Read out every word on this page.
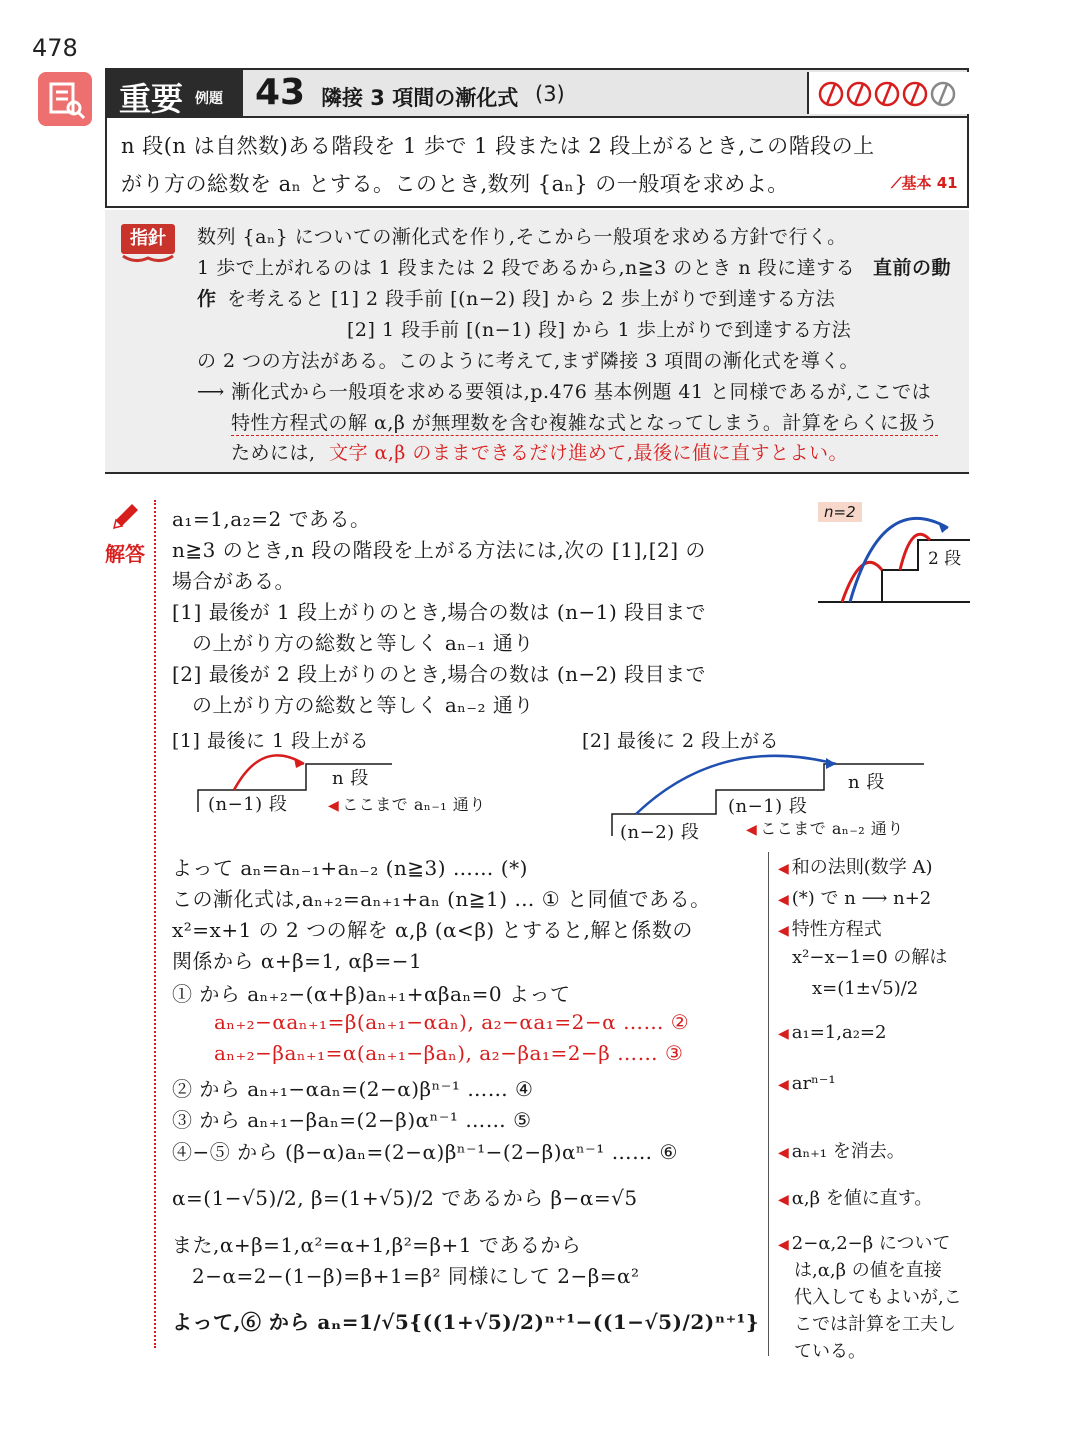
478
重要 例題 43 隣接 3 項間の漸化式 (3)
n 段(n は自然数)ある階段を 1 歩で 1 段または 2 段上がるとき,この階段の上
がり方の総数を aₙ とする。このとき,数列 {aₙ} の一般項を求めよ。	⟋基本 41
指針	数列 {aₙ} についての漸化式を作り,そこから一般項を求める方針で行く。
1 歩で上がれるのは 1 段または 2 段であるから,n≧3 のとき n 段に達する 直前の動
作 を考えると [1] 2 段手前 [(n−2) 段] から 2 歩上がりで到達する方法
[2] 1 段手前 [(n−1) 段] から 1 歩上がりで到達する方法
の 2 つの方法がある。このように考えて,まず隣接 3 項間の漸化式を導く。
⟶ 漸化式から一般項を求める要領は,p.476 基本例題 41 と同様であるが,ここでは
特性方程式の解 α,β が無理数を含む複雑な式となってしまう。計算をらくに扱う
ためには, 文字 α,β のままできるだけ進めて,最後に値に直すとよい。
解答
a₁=1,a₂=2 である。
n≧3 のとき,n 段の階段を上がる方法には,次の [1],[2] の
場合がある。
[1] 最後が 1 段上がりのとき,場合の数は (n−1) 段目まで
の上がり方の総数と等しく aₙ₋₁ 通り
[2] 最後が 2 段上がりのとき,場合の数は (n−2) 段目まで
の上がり方の総数と等しく aₙ₋₂ 通り
n=2
2 段
[1] 最後に 1 段上がる
n 段
(n−1) 段	◀ ここまで aₙ₋₁ 通り
[2] 最後に 2 段上がる
n 段
(n−1) 段
(n−2) 段	◀ ここまで aₙ₋₂ 通り
よって aₙ=aₙ₋₁+aₙ₋₂ (n≧3) …… (*)
この漸化式は,aₙ₊₂=aₙ₊₁+aₙ (n≧1) … ① と同値である。
x²=x+1 の 2 つの解を α,β (α<β) とすると,解と係数の
関係から α+β=1, αβ=−1
① から aₙ₊₂−(α+β)aₙ₊₁+αβaₙ=0 よって
aₙ₊₂−αaₙ₊₁=β(aₙ₊₁−αaₙ), a₂−αa₁=2−α …… ②
aₙ₊₂−βaₙ₊₁=α(aₙ₊₁−βaₙ), a₂−βa₁=2−β …… ③
② から aₙ₊₁−αaₙ=(2−α)βⁿ⁻¹ …… ④
③ から aₙ₊₁−βaₙ=(2−β)αⁿ⁻¹ …… ⑤
④−⑤ から (β−α)aₙ=(2−α)βⁿ⁻¹−(2−β)αⁿ⁻¹ …… ⑥
α=(1−√5)/2, β=(1+√5)/2 であるから β−α=√5
また,α+β=1,α²=α+1,β²=β+1 であるから
2−α=2−(1−β)=β+1=β² 同様にして 2−β=α²
よって,⑥ から aₙ=1/√5{((1+√5)/2)ⁿ⁺¹−((1−√5)/2)ⁿ⁺¹}
◀ 和の法則(数学 A)
◀ (*) で n ⟶ n+2
◀ 特性方程式
x²−x−1=0 の解は
x=(1±√5)/2
◀ a₁=1,a₂=2
◀ arⁿ⁻¹
◀ aₙ₊₁ を消去。
◀ α,β を値に直す。
◀ 2−α,2−β について
は,α,β の値を直接
代入してもよいが,こ
こでは計算を工夫し
ている。
